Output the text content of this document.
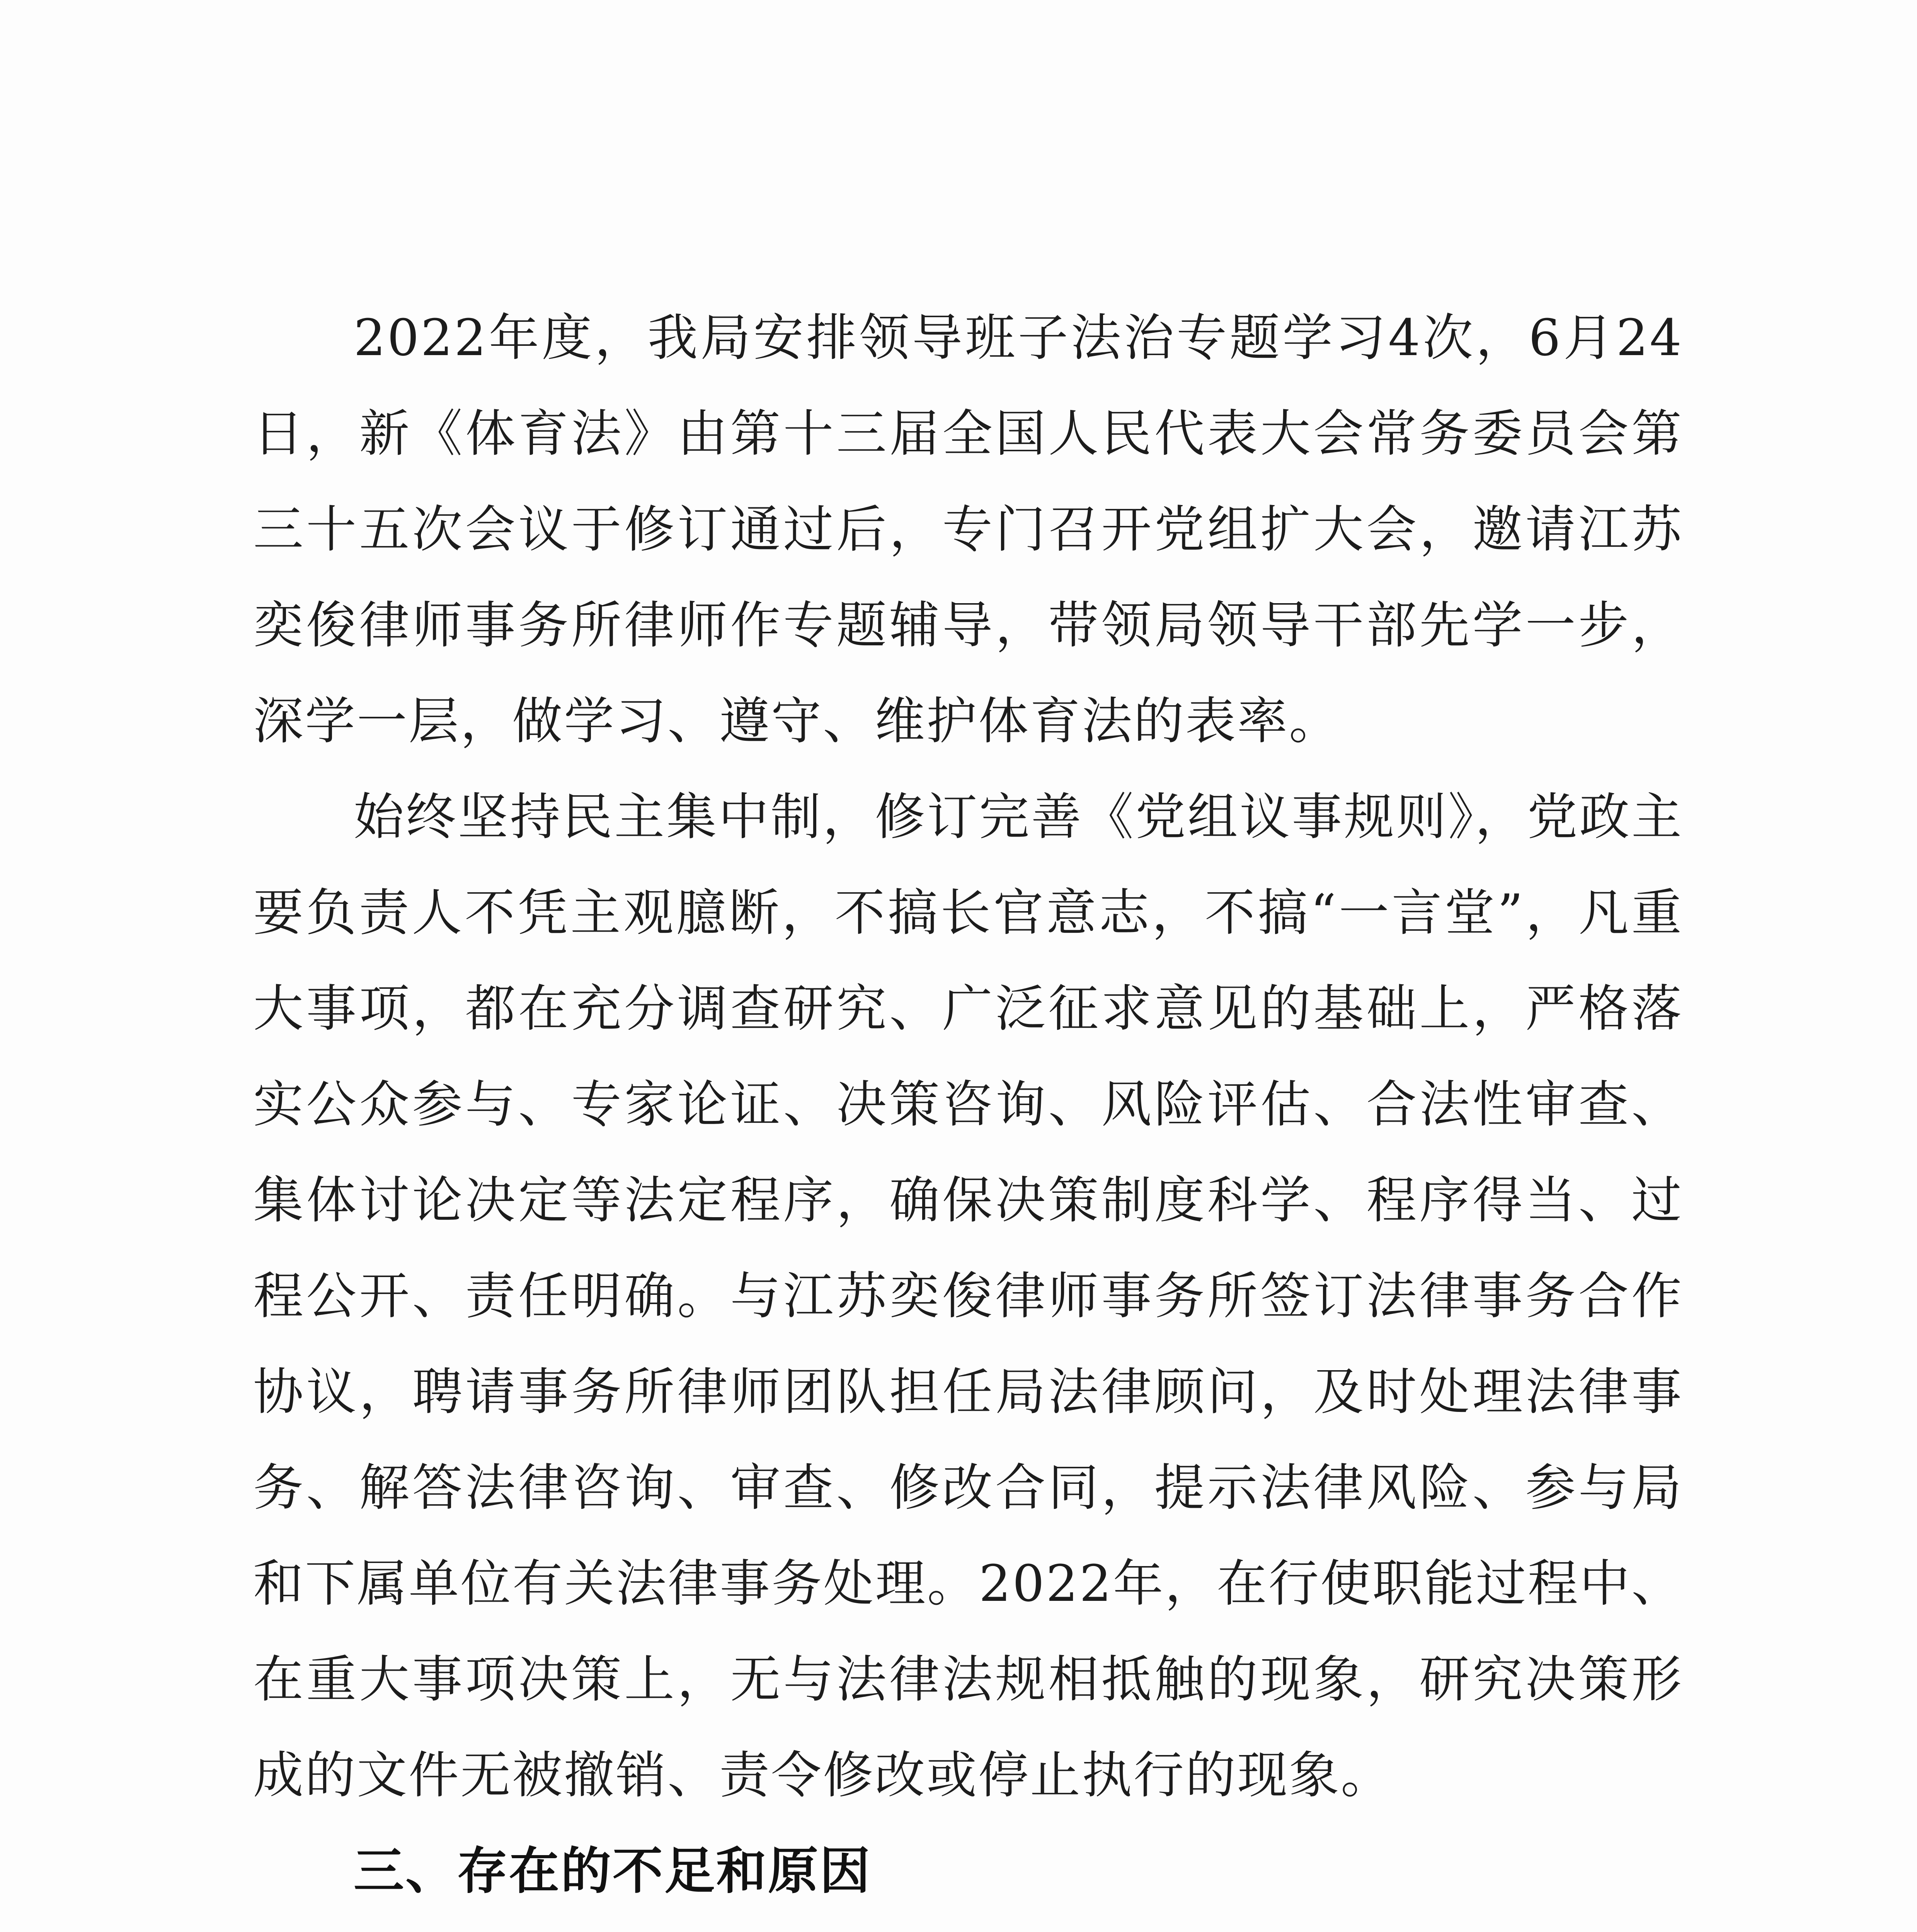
2022年度，我局安排领导班子法治专题学习4次，6月24日，新《体育法》由第十三届全国人民代表大会常务委员会第三十五次会议于修订通过后，专门召开党组扩大会，邀请江苏奕俊律师事务所律师作专题辅导，带领局领导干部先学一步，深学一层，做学习、遵守、维护体育法的表率。

始终坚持民主集中制，修订完善《党组议事规则》，党政主要负责人不凭主观臆断，不搞长官意志，不搞“一言堂”，凡重大事项，都在充分调查研究、广泛征求意见的基础上，严格落实公众参与、专家论证、决策咨询、风险评估、合法性审查、集体讨论决定等法定程序，确保决策制度科学、程序得当、过程公开、责任明确。与江苏奕俊律师事务所签订法律事务合作协议，聘请事务所律师团队担任局法律顾问，及时处理法律事务、解答法律咨询、审查、修改合同，提示法律风险、参与局和下属单位有关法律事务处理。2022年，在行使职能过程中、在重大事项决策上，无与法律法规相抵触的现象，研究决策形成的文件无被撤销、责令修改或停止执行的现象。

三、存在的不足和原因
